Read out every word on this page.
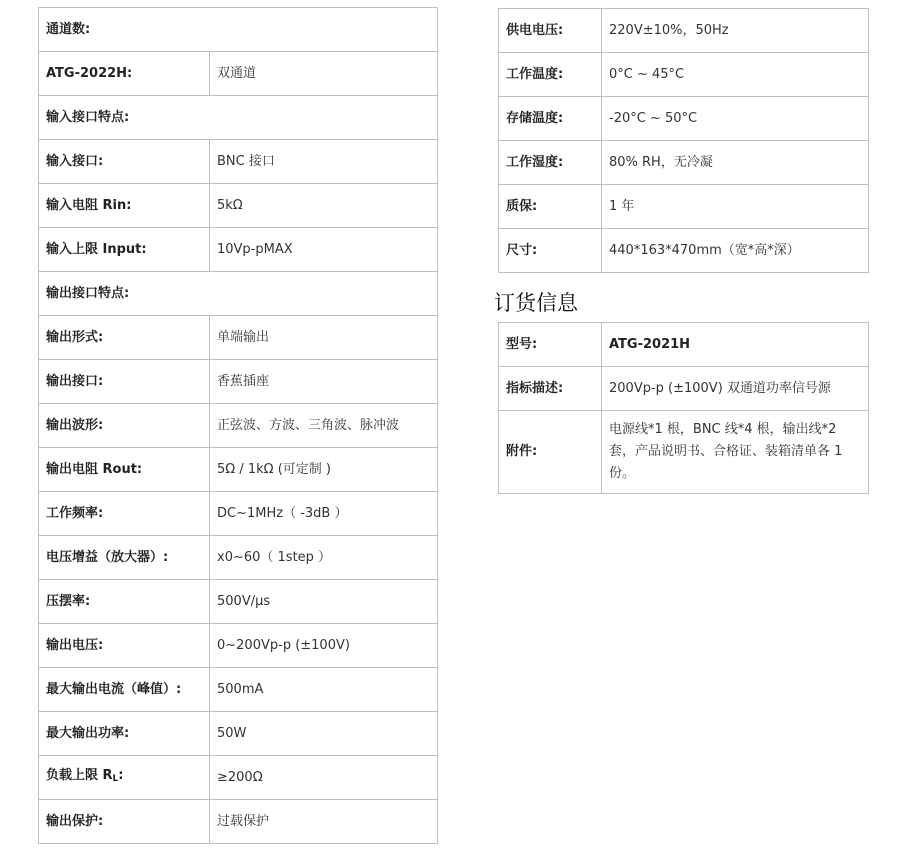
通道数:	
ATG-2022H:	双通道
输入接口特点:	
输入接口:	BNC 接口
输入电阻 Rin:	5kΩ
输入上限 Input:	10Vp-pMAX
输出接口特点:	
输出形式:	单端输出
输出接口:	香蕉插座
输出波形:	正弦波、方波、三角波、脉冲波
输出电阻 Rout:	5Ω / 1kΩ (可定制 )
工作频率:	DC~1MHz（ -3dB ）
电压增益（放大器）:	x0~60（ 1step ）
压摆率:	500V/μs
输出电压:	0~200Vp-p (±100V)
最大输出电流（峰值）:	500mA
最大输出功率:	50W
负载上限 $R_L$:	≥200Ω
输出保护:	过载保护
供电电压:	220V±10%，50Hz
工作温度:	0°C ~ 45°C
存储温度:	-20°C ~ 50°C
工作湿度:	80% RH，无冷凝
质保:	1 年
尺寸:	440*163*470mm（宽*高*深）
订货信息
型号:	ATG-2021H
指标描述:	200Vp-p (±100V) 双通道功率信号源
附件:	电源线*1 根，BNC 线*4 根，输出线*2 套，产品说明书、合格证、装箱清单各 1 份。
